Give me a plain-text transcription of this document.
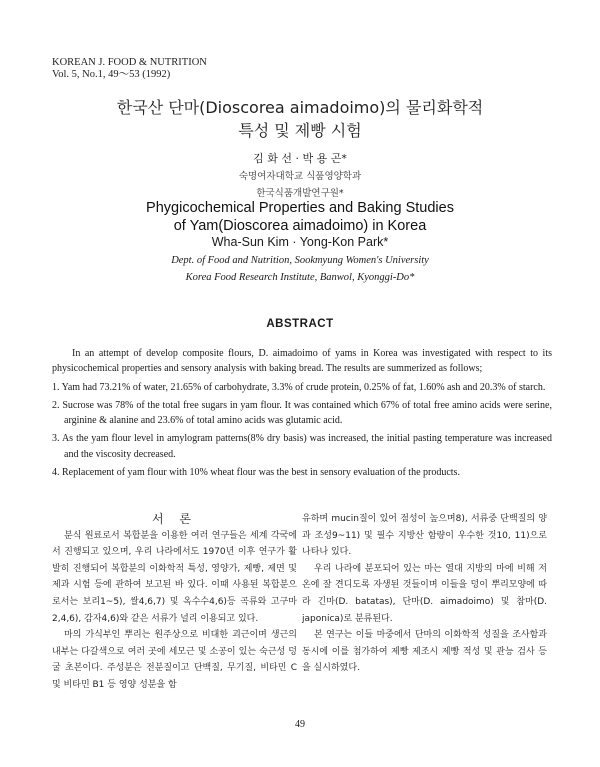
KOREAN J. FOOD & NUTRITION
Vol. 5, No.1, 49～53 (1992)
한국산 단마(Dioscorea aimadoimo)의 물리화학적
특성 및 제빵 시험
김 화 선 · 박 용 곤*
숙명여자대학교 식품영양학과
한국식품개발연구원*
Phygicochemical Properties and Baking Studies
of Yam(Dioscorea aimadoimo) in Korea
Wha-Sun Kim · Yong-Kon Park*
Dept. of Food and Nutrition, Sookmyung Women's University
Korea Food Research Institute, Banwol, Kyonggi-Do*
ABSTRACT

In an attempt of develop composite flours, D. aimadoimo of yams in Korea was investigated with respect to its physicochemical properties and sensory analysis with baking bread. The results are summerized as follows;

1. Yam had 73.21% of water, 21.65% of carbohydrate, 3.3% of crude protein, 0.25% of fat, 1.60% ash and 20.3% of starch.

2. Sucrose was 78% of the total free sugars in yam flour. It was contained which 67% of total free amino acids were serine, arginine & alanine and 23.6% of total amino acids was glutamic acid.

3. As the yam flour level in amylogram patterns(8% dry basis) was increased, the initial pasting temperature was increased and the viscosity decreased.

4. Replacement of yam flour with 10% wheat flour was the best in sensory evaluation of the products.

서 론

분식 원료로서 복합분을 이용한 여러 연구들은 세계 각국에서 진행되고 있으며, 우리 나라에서도 1970년 이후 연구가 활발히 진행되어 복합분의 이화학적 특성, 영양가, 제빵, 제면 및 제과 시험 등에 관하여 보고된 바 있다. 이때 사용된 복합분으로서는 보리1~5), 쌀4,6,7) 및 옥수수4,6)등 곡류와 고구마2,4,6), 감자4,6)와 같은 서류가 널리 이용되고 있다.

마의 가식부인 뿌리는 원주상으로 비대한 괴근이며 생근의 내부는 다갈색으로 여러 곳에 세모근 및 소공이 있는 숙근성 덩굴 초본이다. 주성분은 전분질이고 단백질, 무기질, 비타민 C 및 비타민 B1 등 영양 성분을 함

유하며 mucin질이 있어 점성이 높으며8), 서류중 단백질의 양과 조성9~11) 및 필수 지방산 함량이 우수한 것10, 11)으로 나타나 있다.

우리 나라에 분포되어 있는 마는 열대 지방의 마에 비해 저온에 잘 견디도록 자생된 것들이며 이들을 덩이 뿌리모양에 따라 긴마(D. batatas), 단마(D. aimadoimo) 및 참마(D. japonica)로 분류된다.

본 연구는 이들 마중에서 단마의 이화학적 성질을 조사함과 동시에 이를 첨가하여 제빵 제조시 제빵 적성 및 관능 검사 등을 실시하였다.

49
